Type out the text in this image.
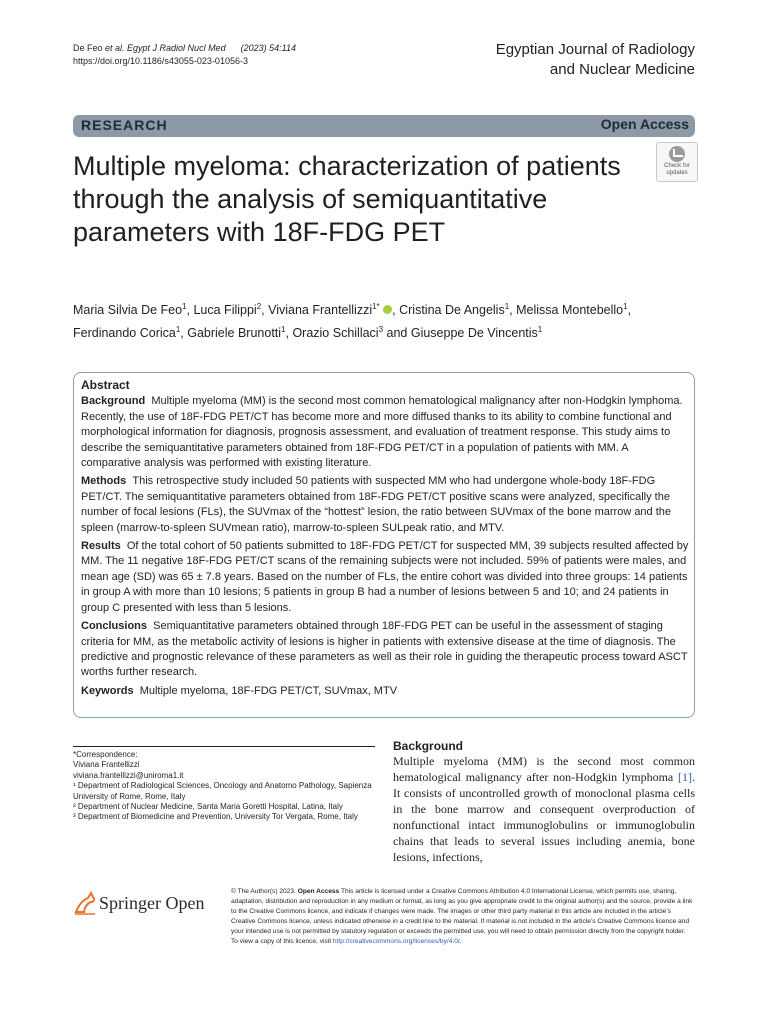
De Feo et al. Egypt J Radiol Nucl Med (2023) 54:114
https://doi.org/10.1186/s43055-023-01056-3
Egyptian Journal of Radiology
and Nuclear Medicine
RESEARCH	Open Access
Multiple myeloma: characterization of patients through the analysis of semiquantitative parameters with 18F-FDG PET
Check for
updates
Maria Silvia De Feo$^1$, Luca Filippi$^2$, Viviana Frantellizzi$^{1*}$ , Cristina De Angelis$^1$, Melissa Montebello$^1$,
Ferdinando Corica$^1$, Gabriele Brunotti$^1$, Orazio Schillaci$^3$ and Giuseppe De Vincentis$^1$
Abstract

Background Multiple myeloma (MM) is the second most common hematological malignancy after non-Hodgkin lymphoma. Recently, the use of 18F-FDG PET/CT has become more and more diffused thanks to its ability to combine functional and morphological information for diagnosis, prognosis assessment, and evaluation of treatment response. This study aims to describe the semiquantitative parameters obtained from 18F-FDG PET/CT in a population of patients with MM. A comparative analysis was performed with existing literature.

Methods This retrospective study included 50 patients with suspected MM who had undergone whole-body 18F-FDG PET/CT. The semiquantitative parameters obtained from 18F-FDG PET/CT positive scans were analyzed, specifically the number of focal lesions (FLs), the SUVmax of the “hottest” lesion, the ratio between SUVmax of the bone marrow and the spleen (marrow-to-spleen SUVmean ratio), marrow-to-spleen SULpeak ratio, and MTV.

Results Of the total cohort of 50 patients submitted to 18F-FDG PET/CT for suspected MM, 39 subjects resulted affected by MM. The 11 negative 18F-FDG PET/CT scans of the remaining subjects were not included. 59% of patients were males, and mean age (SD) was 65 ± 7.8 years. Based on the number of FLs, the entire cohort was divided into three groups: 14 patients in group A with more than 10 lesions; 5 patients in group B had a number of lesions between 5 and 10; and 24 patients in group C presented with less than 5 lesions.

Conclusions Semiquantitative parameters obtained through 18F-FDG PET can be useful in the assessment of staging criteria for MM, as the metabolic activity of lesions is higher in patients with extensive disease at the time of diagnosis. The predictive and prognostic relevance of these parameters as well as their role in guiding the therapeutic process toward ASCT worths further research.

Keywords Multiple myeloma, 18F-FDG PET/CT, SUVmax, MTV

*Correspondence:

Viviana Frantellizzi

viviana.frantellizzi@uniroma1.it

¹ Department of Radiological Sciences, Oncology and Anatomo Pathology, Sapienza University of Rome, Rome, Italy

² Department of Nuclear Medicine, Santa Maria Goretti Hospital, Latina, Italy

³ Department of Biomedicine and Prevention, University Tor Vergata, Rome, Italy

Background
Multiple myeloma (MM) is the second most common hematological malignancy after non-Hodgkin lymphoma [1]. It consists of uncontrolled growth of monoclonal plasma cells in the bone marrow and consequent overproduction of nonfunctional intact immunoglobulins or immunoglobulin chains that leads to several issues including anemia, bone lesions, infections,
Springer Open
© The Author(s) 2023. Open Access This article is licensed under a Creative Commons Attribution 4.0 International License, which permits use, sharing, adaptation, distribution and reproduction in any medium or format, as long as you give appropriate credit to the original author(s) and the source, provide a link to the Creative Commons licence, and indicate if changes were made. The images or other third party material in this article are included in the article’s Creative Commons licence, unless indicated otherwise in a credit line to the material. If material is not included in the article’s Creative Commons licence and your intended use is not permitted by statutory regulation or exceeds the permitted use, you will need to obtain permission directly from the copyright holder. To view a copy of this licence, visit http://creativecommons.org/licenses/by/4.0/.
